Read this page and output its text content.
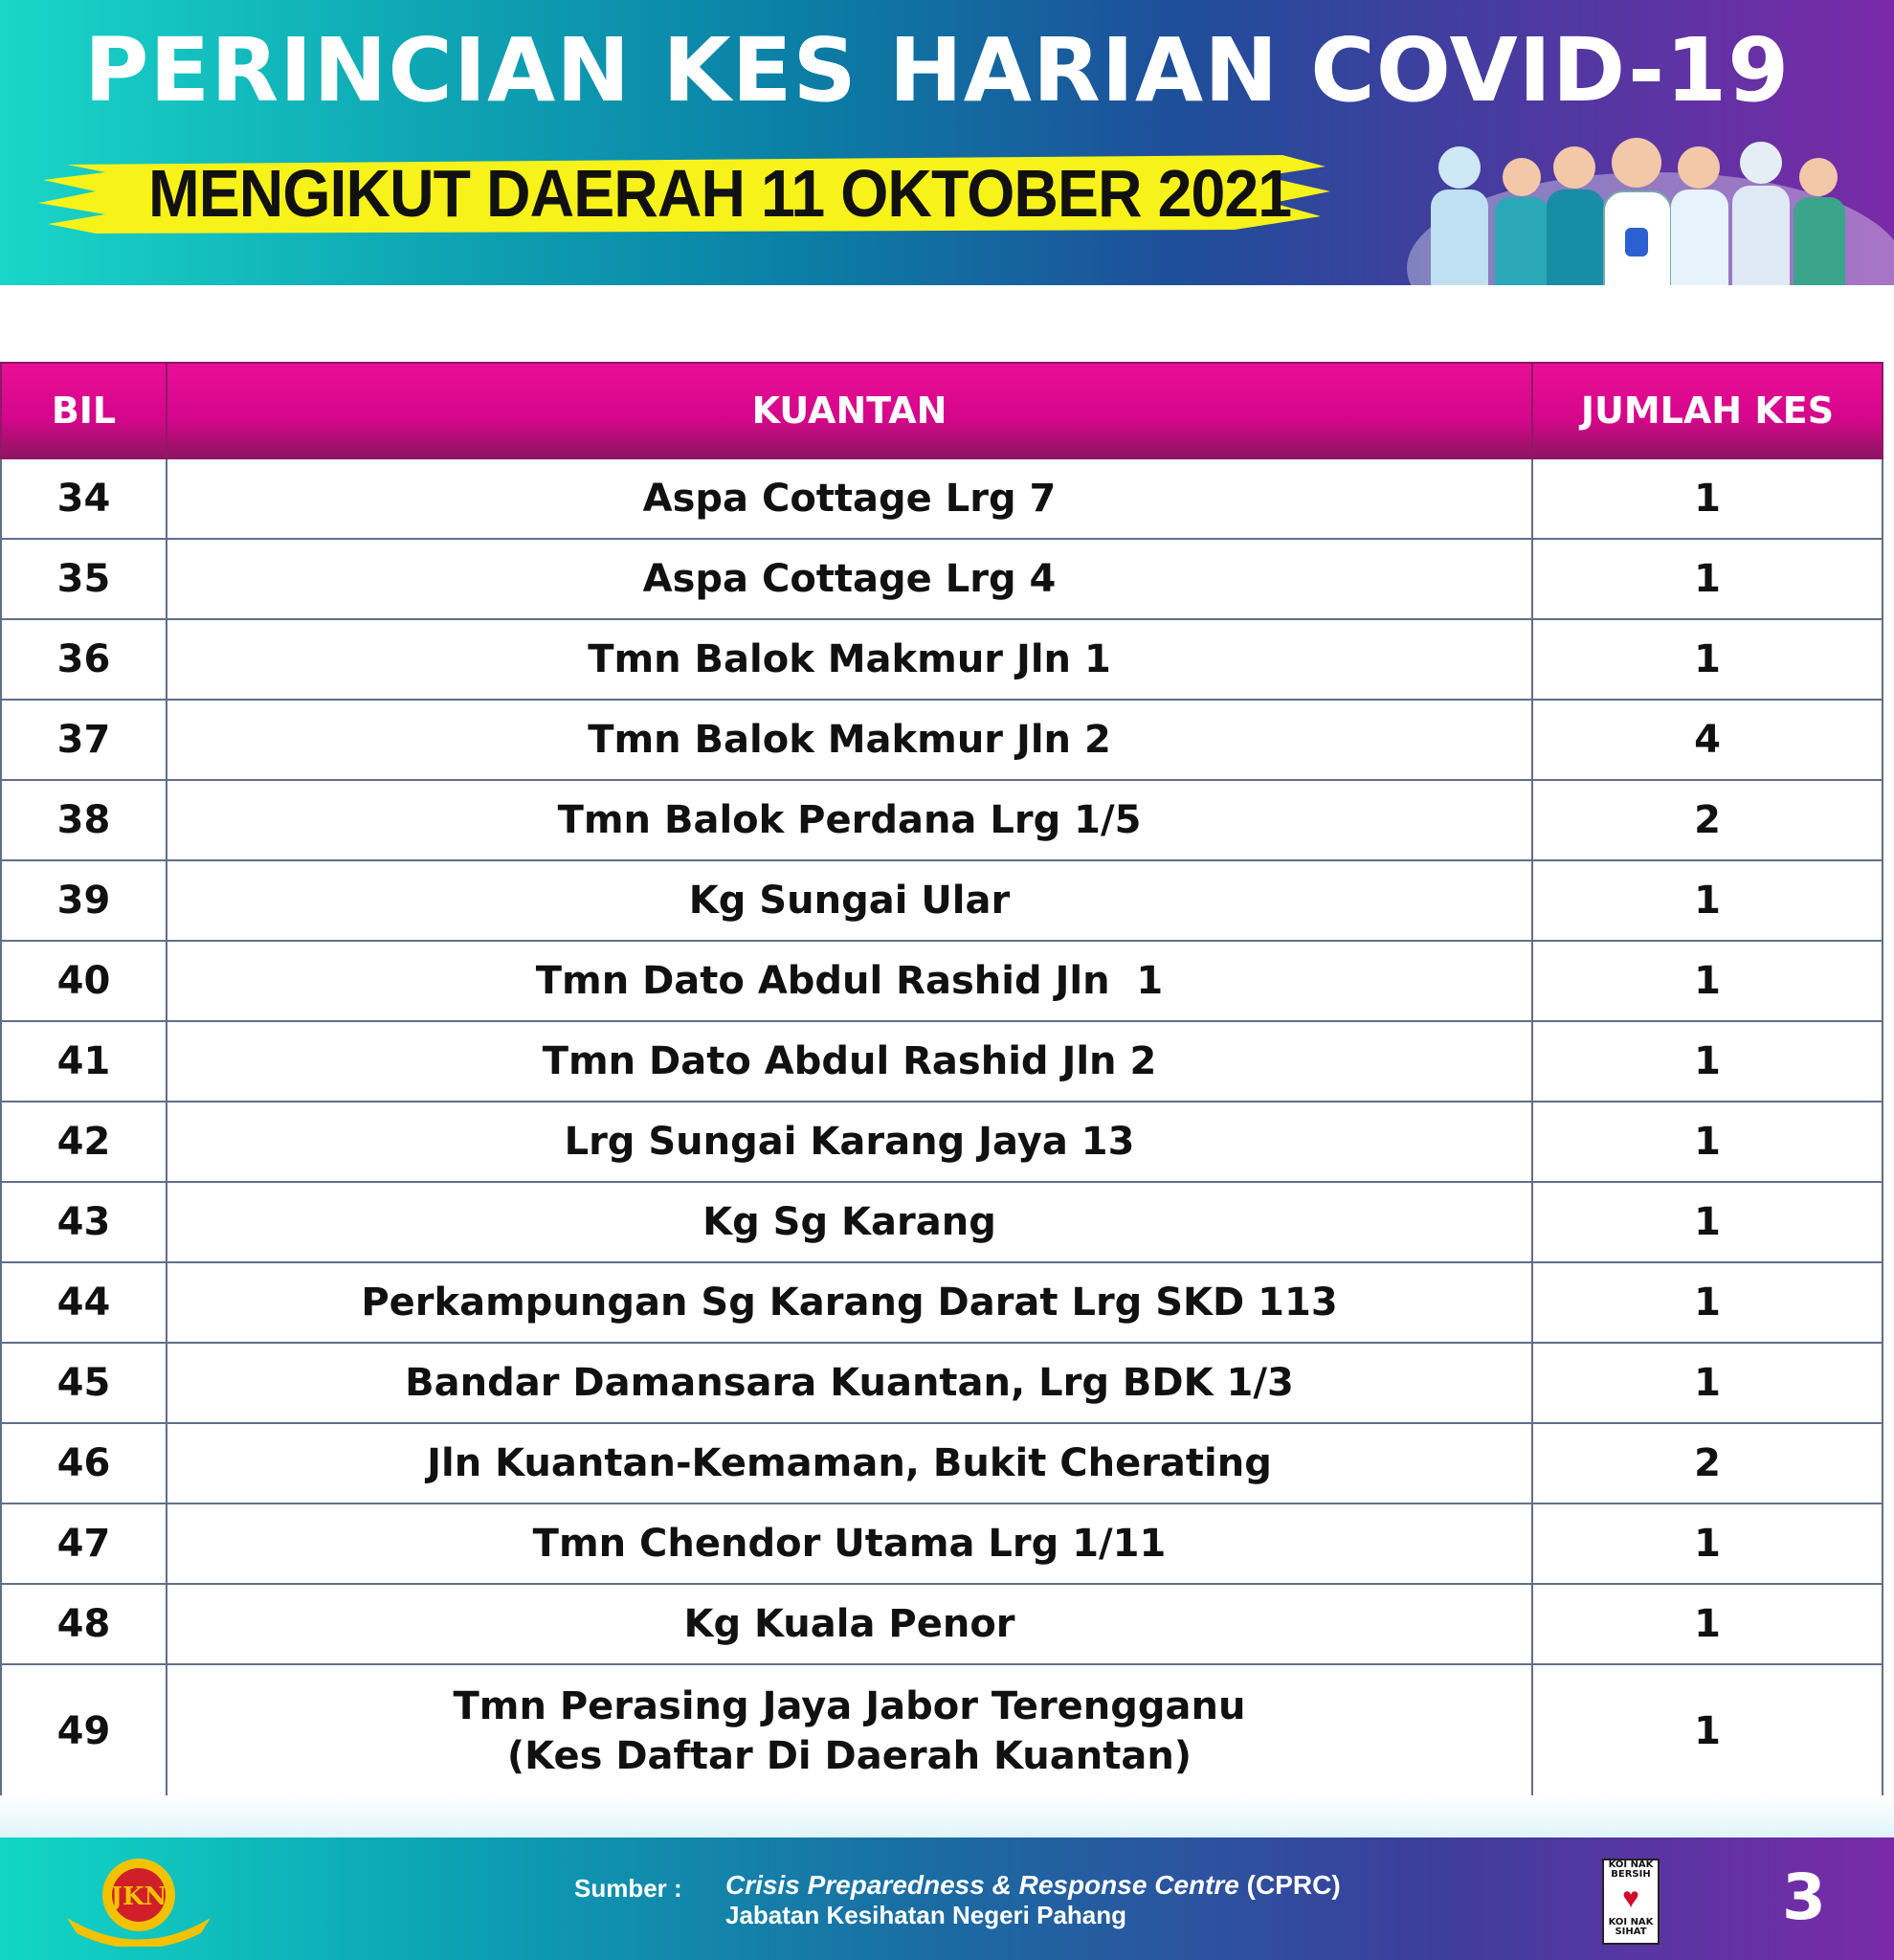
PERINCIAN KES HARIAN COVID-19
MENGIKUT DAERAH 11 OKTOBER 2021
BIL	KUANTAN	JUMLAH KES
34	Aspa Cottage Lrg 7	1
35	Aspa Cottage Lrg 4	1
36	Tmn Balok Makmur Jln 1	1
37	Tmn Balok Makmur Jln 2	4
38	Tmn Balok Perdana Lrg 1/5	2
39	Kg Sungai Ular	1
40	Tmn Dato Abdul Rashid Jln  1	1
41	Tmn Dato Abdul Rashid Jln 2	1
42	Lrg Sungai Karang Jaya 13	1
43	Kg Sg Karang	1
44	Perkampungan Sg Karang Darat Lrg SKD 113	1
45	Bandar Damansara Kuantan, Lrg BDK 1/3	1
46	Jln Kuantan-Kemaman, Bukit Cherating	2
47	Tmn Chendor Utama Lrg 1/11	1
48	Kg Kuala Penor	1
49	Tmn Perasing Jaya Jabor Terengganu
(Kes Daftar Di Daerah Kuantan)	1
JKN	Sumber : Crisis Preparedness & Response Centre (CPRC)
Jabatan Kesihatan Negeri Pahang
KOI NAK BERSIH
♥
KOI NAK SIHAT 3
